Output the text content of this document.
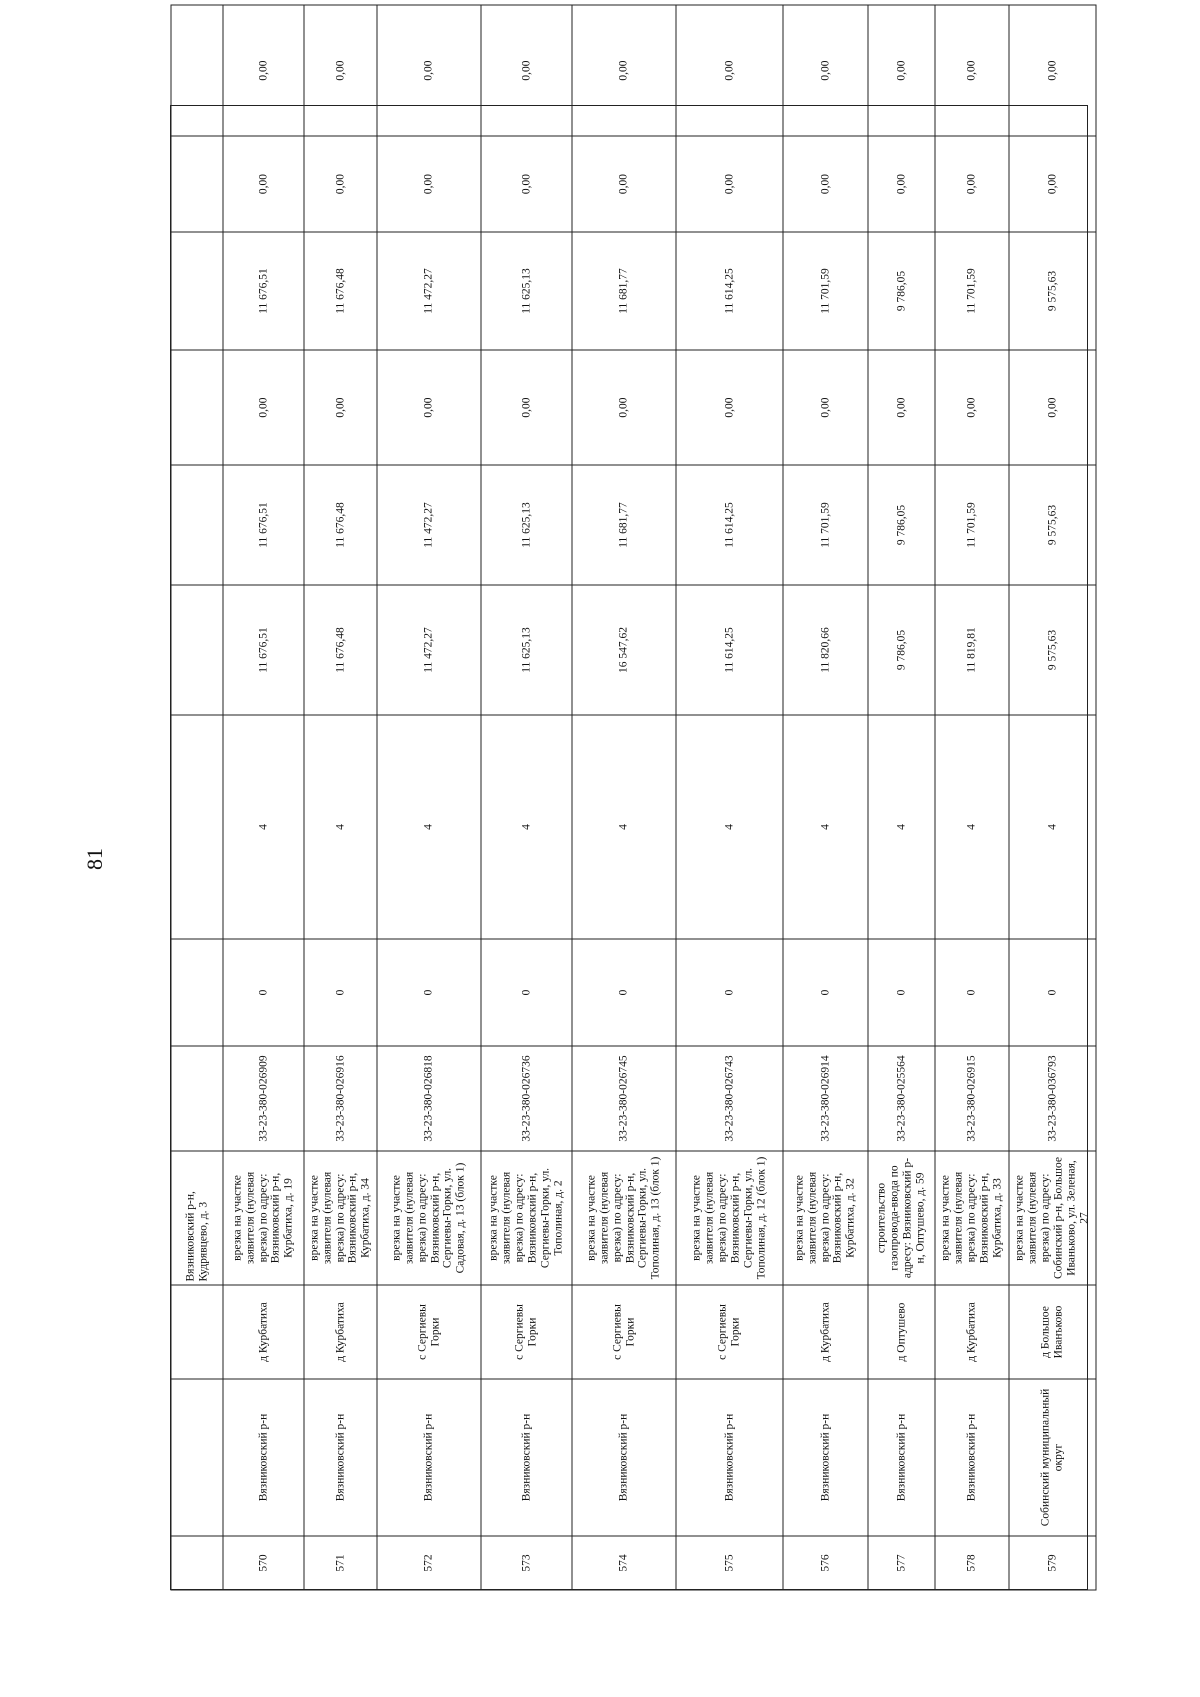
81
			Вязниковский р-н, Кудрявцево, д. 3									
570	Вязниковский р-н	д Курбатиха	врезка на участке заявителя (нулевая врезка) по адресу: Вязниковский р-н, Курбатиха, д. 19	33-23-380-026909	0	4	11 676,51	11 676,51	0,00	11 676,51	0,00	0,00
571	Вязниковский р-н	д Курбатиха	врезка на участке заявителя (нулевая врезка) по адресу: Вязниковский р-н, Курбатиха, д. 34	33-23-380-026916	0	4	11 676,48	11 676,48	0,00	11 676,48	0,00	0,00
572	Вязниковский р-н	с Сергиевы Горки	врезка на участке заявителя (нулевая врезка) по адресу: Вязниковский р-н, Сергиевы-Горки, ул. Садовая, д. 13 (блок 1)	33-23-380-026818	0	4	11 472,27	11 472,27	0,00	11 472,27	0,00	0,00
573	Вязниковский р-н	с Сергиевы Горки	врезка на участке заявителя (нулевая врезка) по адресу: Вязниковский р-н, Сергиевы-Горки, ул. Тополиная, д. 2	33-23-380-026736	0	4	11 625,13	11 625,13	0,00	11 625,13	0,00	0,00
574	Вязниковский р-н	с Сергиевы Горки	врезка на участке заявителя (нулевая врезка) по адресу: Вязниковский р-н, Сергиевы-Горки, ул. Тополиная, д. 13 (блок 1)	33-23-380-026745	0	4	16 547,62	11 681,77	0,00	11 681,77	0,00	0,00
575	Вязниковский р-н	с Сергиевы Горки	врезка на участке заявителя (нулевая врезка) по адресу: Вязниковский р-н, Сергиевы-Горки, ул. Тополиная, д. 12 (блок 1)	33-23-380-026743	0	4	11 614,25	11 614,25	0,00	11 614,25	0,00	0,00
576	Вязниковский р-н	д Курбатиха	врезка на участке заявителя (нулевая врезка) по адресу: Вязниковский р-н, Курбатиха, д. 32	33-23-380-026914	0	4	11 820,66	11 701,59	0,00	11 701,59	0,00	0,00
577	Вязниковский р-н	д Оптушево	строительство газопровода-ввода по адресу: Вязниковский р-н, Оптушево, д. 59	33-23-380-025564	0	4	9 786,05	9 786,05	0,00	9 786,05	0,00	0,00
578	Вязниковский р-н	д Курбатиха	врезка на участке заявителя (нулевая врезка) по адресу: Вязниковский р-н, Курбатиха, д. 33	33-23-380-026915	0	4	11 819,81	11 701,59	0,00	11 701,59	0,00	0,00
579	Собинский муниципальный округ	д Большое Иванъково	врезка на участке заявителя (нулевая врезка) по адресу: Собинский р-н, Большое Иваньково, ул. Зеленая, 27	33-23-380-036793	0	4	9 575,63	9 575,63	0,00	9 575,63	0,00	0,00
